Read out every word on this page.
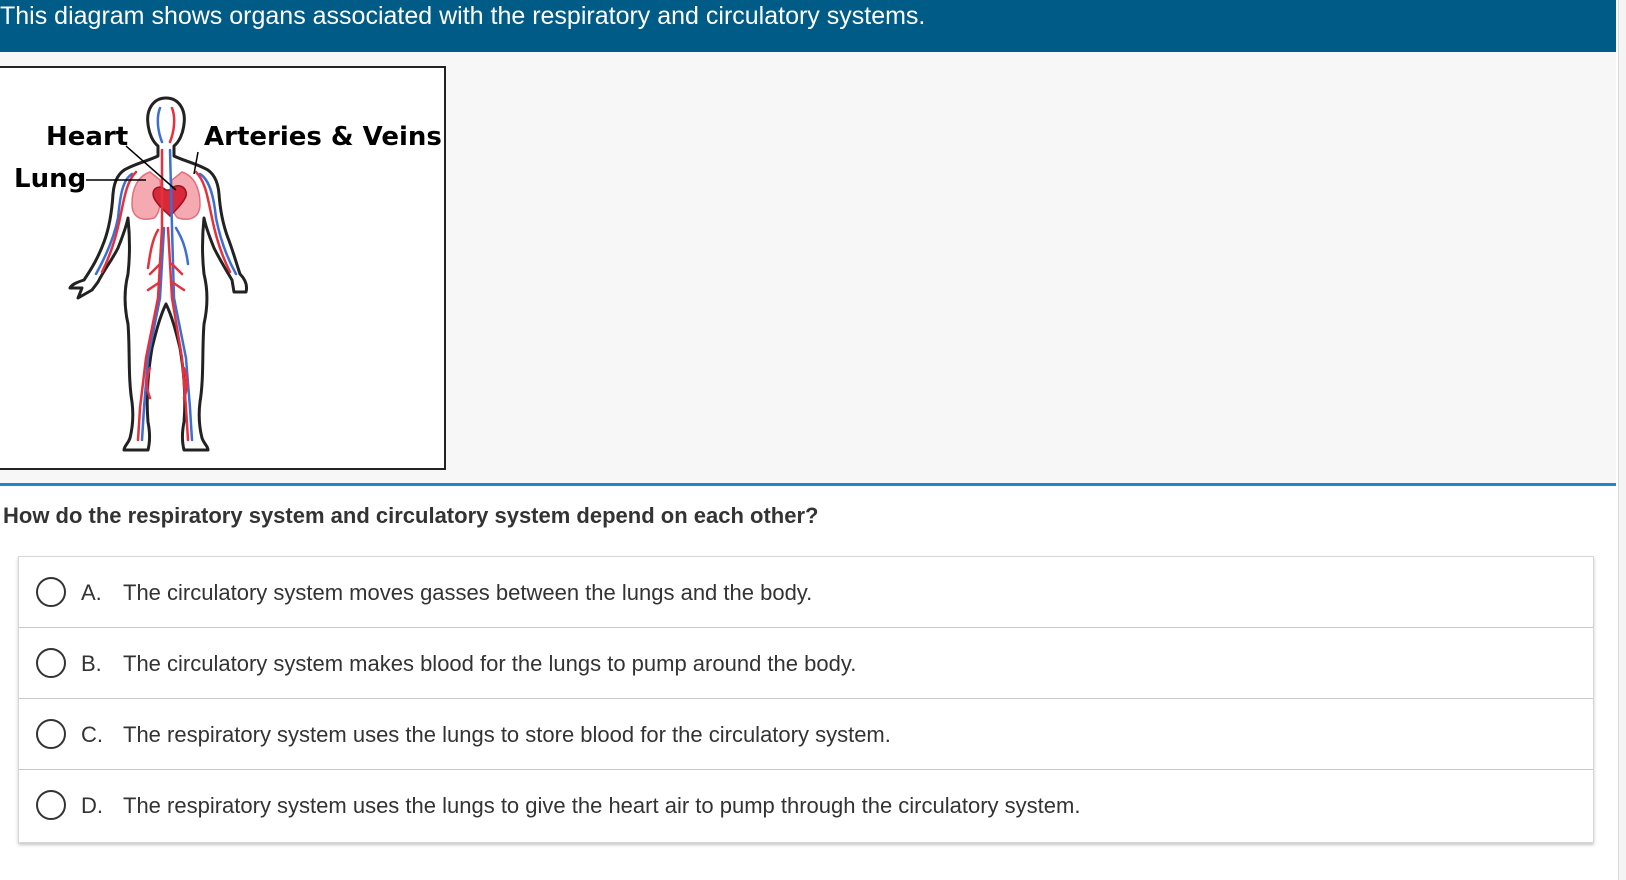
This diagram shows organs associated with the respiratory and circulatory systems.
Heart
Lung
Arteries & Veins
How do the respiratory system and circulatory system depend on each other?
A. The circulatory system moves gasses between the lungs and the body.
B. The circulatory system makes blood for the lungs to pump around the body.
C. The respiratory system uses the lungs to store blood for the circulatory system.
D. The respiratory system uses the lungs to give the heart air to pump through the circulatory system.
